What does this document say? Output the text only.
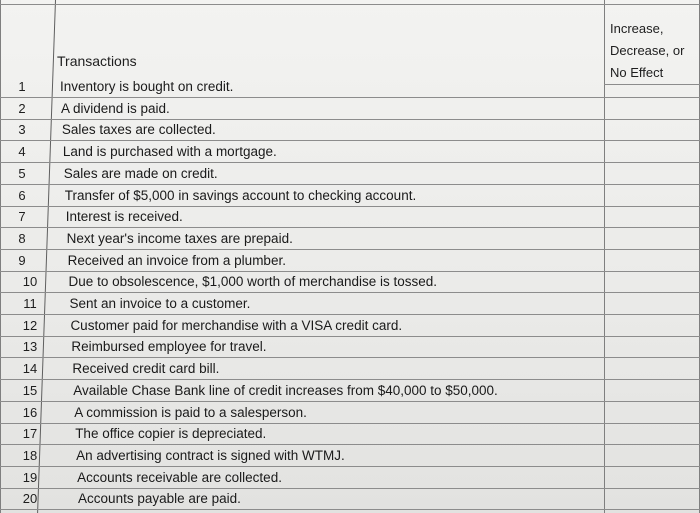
Transactions
Increase,
Decrease, or
No Effect
1	Inventory is bought on credit.
2	A dividend is paid.
3	Sales taxes are collected.
4	Land is purchased with a mortgage.
5	Sales are made on credit.
6	Transfer of $5,000 in savings account to checking account.
7	Interest is received.
8	Next year's income taxes are prepaid.
9	Received an invoice from a plumber.
10	Due to obsolescence, $1,000 worth of merchandise is tossed.
11	Sent an invoice to a customer.
12	Customer paid for merchandise with a VISA credit card.
13	Reimbursed employee for travel.
14	Received credit card bill.
15	Available Chase Bank line of credit increases from $40,000 to $50,000.
16	A commission is paid to a salesperson.
17	The office copier is depreciated.
18	An advertising contract is signed with WTMJ.
19	Accounts receivable are collected.
20	Accounts payable are paid.
